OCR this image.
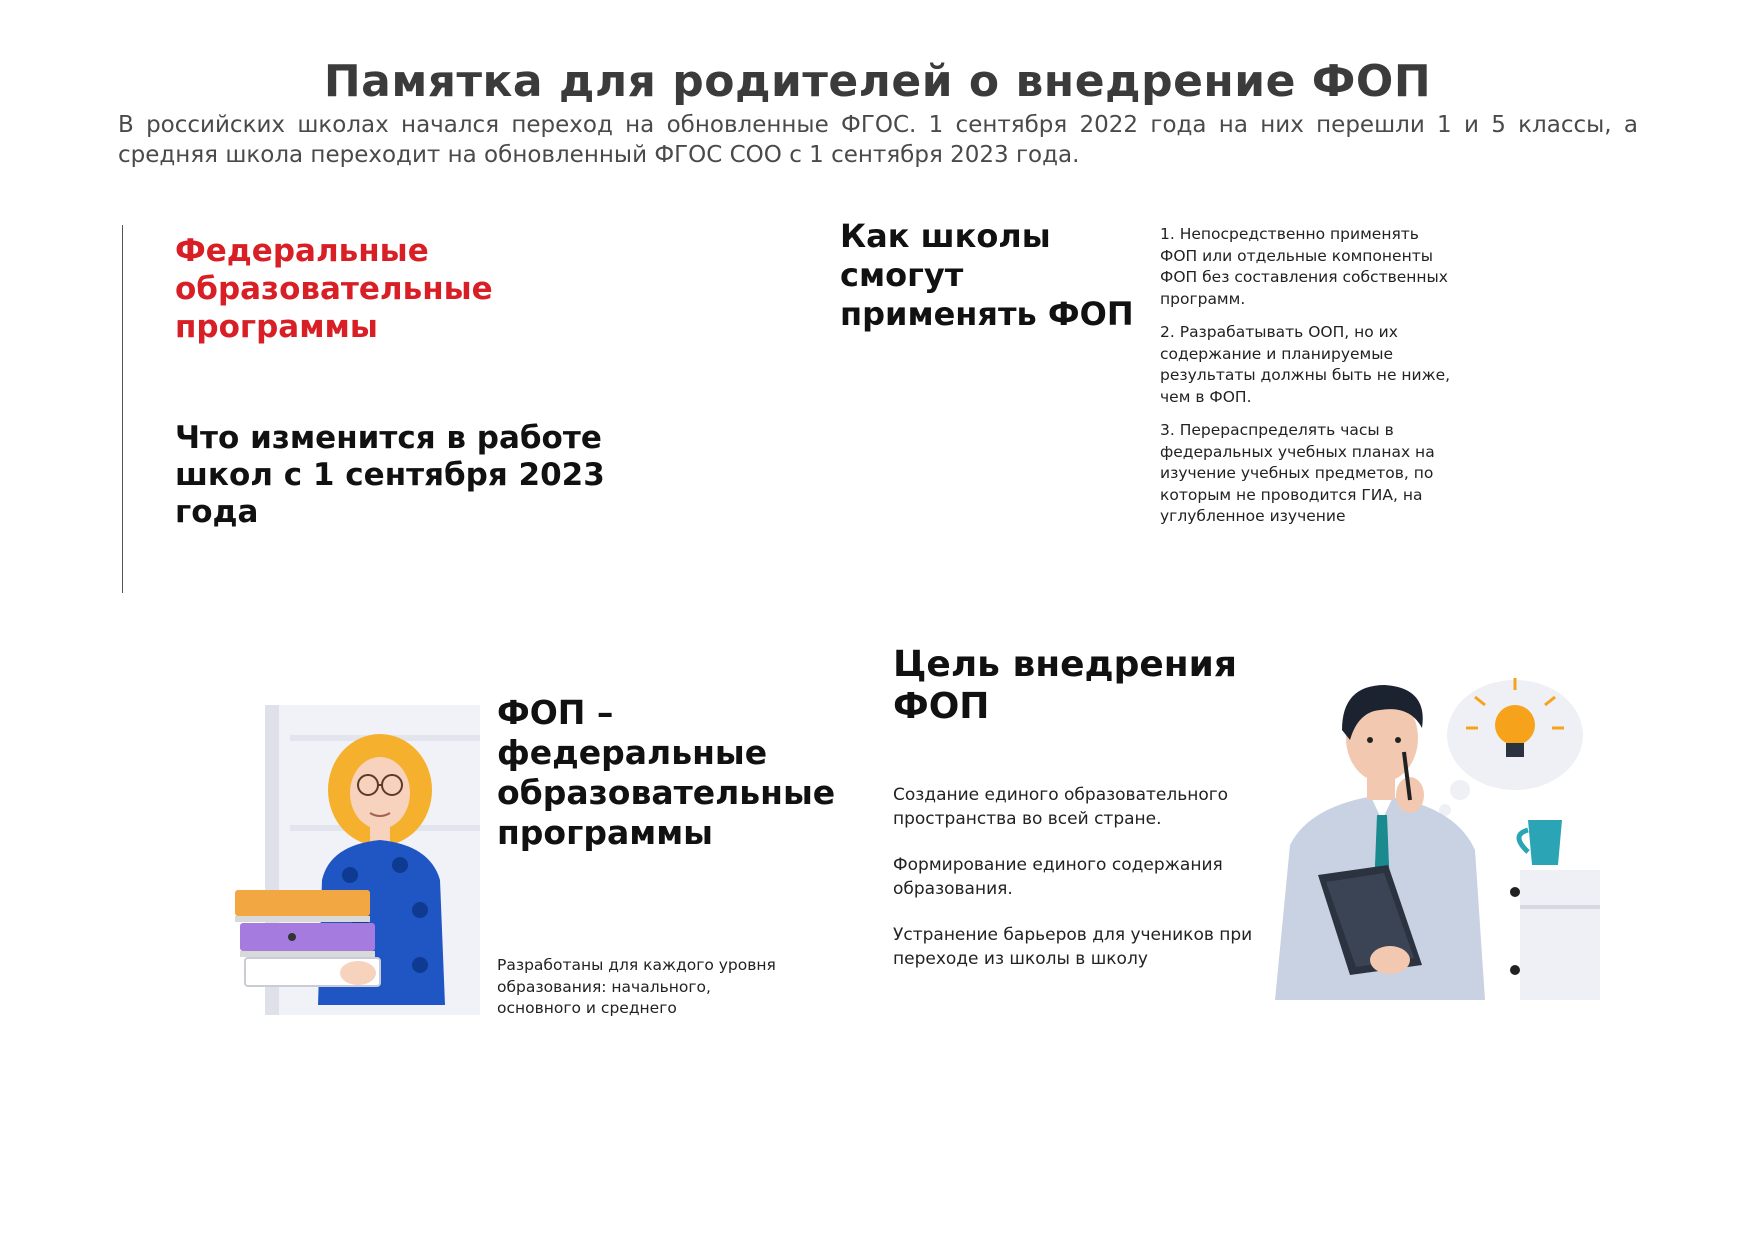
Памятка для родителей о внедрение ФОП
В российских школах начался переход на обновленные ФГОС. 1 сентября 2022 года на них перешли 1 и 5 классы, а средняя школа переходит на обновленный ФГОС СОО с 1 сентября 2023 года.
Федеральные
образовательные
программы
Что изменится в работе школ с 1 сентября 2023 года
Как школы
смогут
применять ФОП
1. Непосредственно применять ФОП или отдельные компоненты ФОП без составления собственных программ.
2. Разрабатывать ООП, но их содержание и планируемые результаты должны быть не ниже, чем в ФОП.
3. Перераспределять часы в федеральных учебных планах на изучение учебных предметов, по которым не проводится ГИА, на углубленное изучение
ФОП –
федеральные
образовательные
программы
Разработаны для каждого уровня образования: начального, основного и среднего
Цель внедрения
ФОП
Создание единого образовательного пространства во всей стране.
Формирование единого содержания образования.
Устранение барьеров для учеников при переходе из школы в школу
